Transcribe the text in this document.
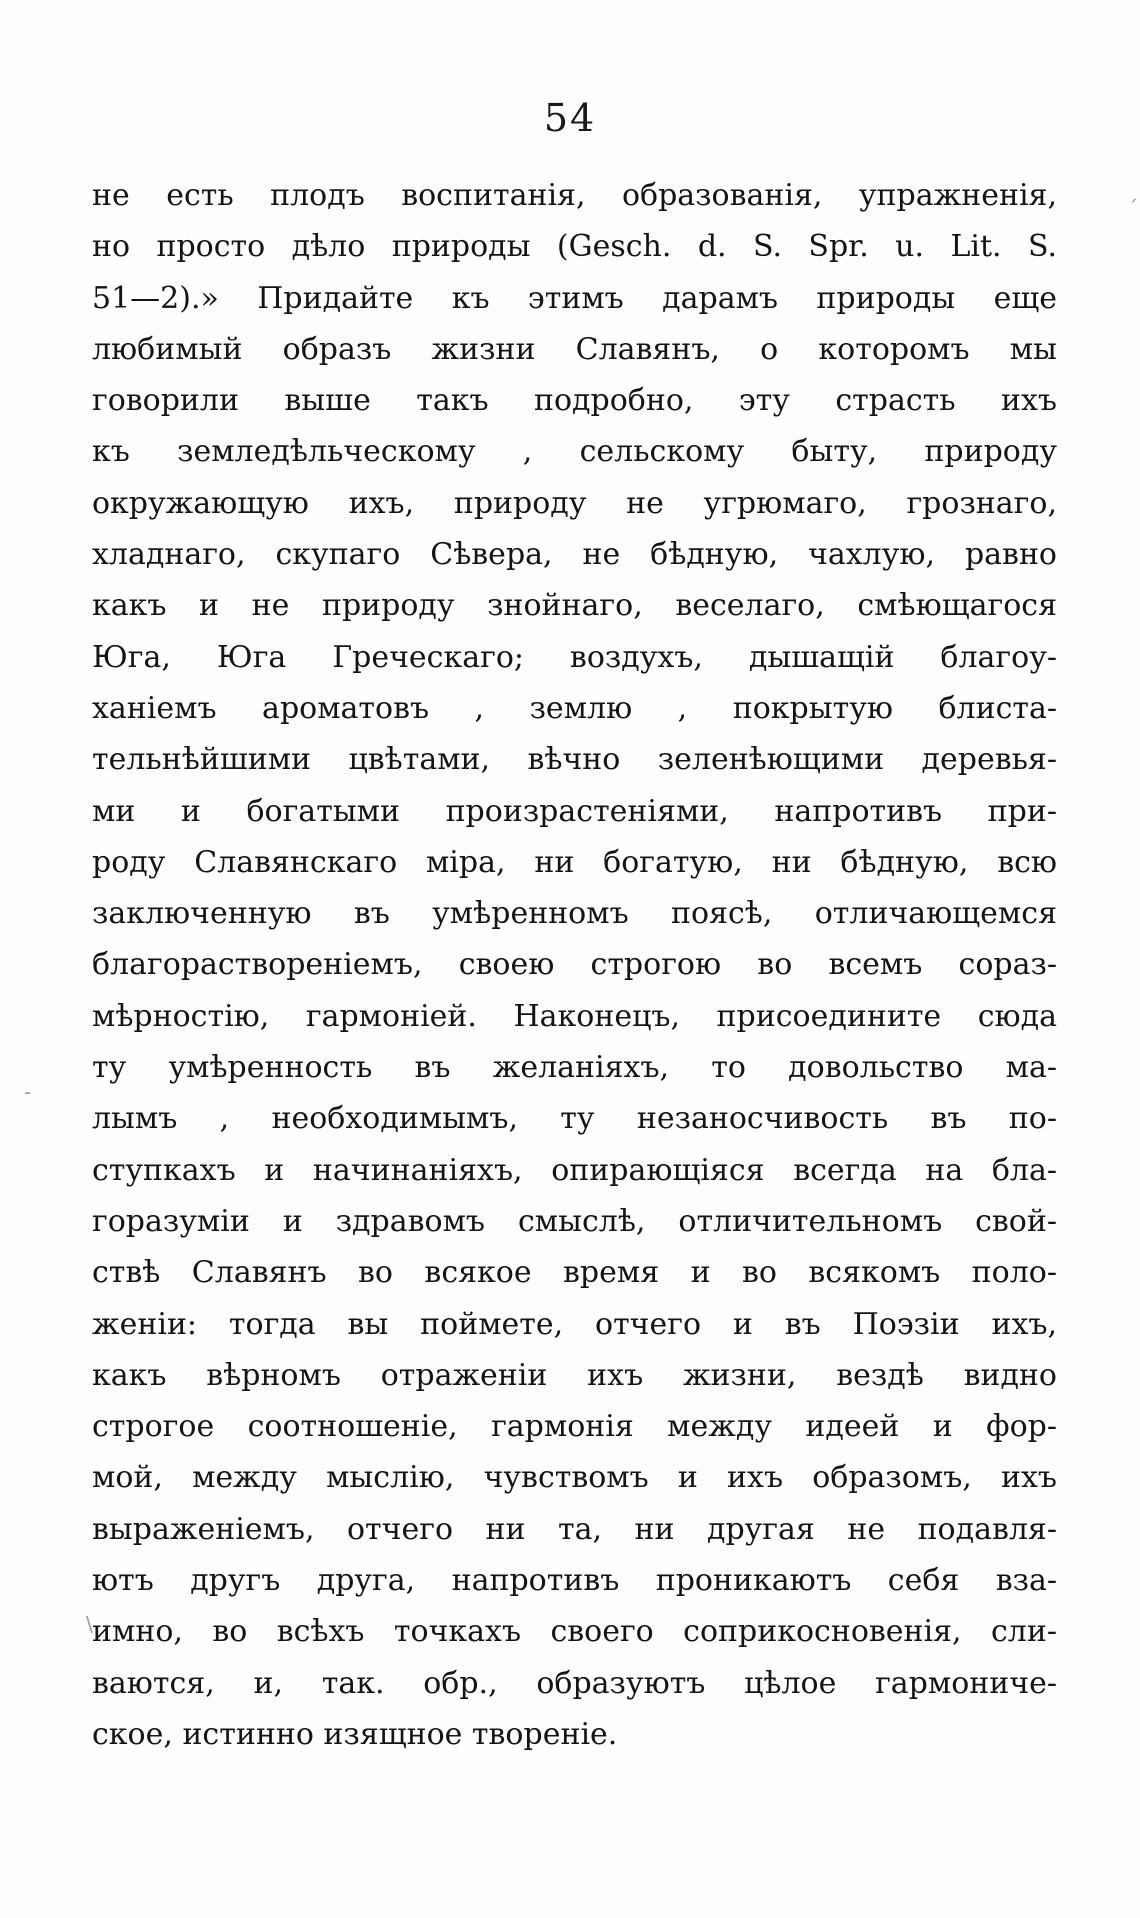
54
´
-
\
не есть плодъ воспитанія, образованія, упражненія,
но просто дѣло природы (Gesch. d. S. Spr. u. Lit. S.
51—2).» Придайте къ этимъ дарамъ природы еще
любимый образъ жизни Славянъ, о которомъ мы
говорили выше такъ подробно, эту страсть ихъ
къ земледѣльческому , сельскому быту, природу
окружающую ихъ, природу не угрюмаго, грознаго,
хладнаго, скупаго Сѣвера, не бѣдную, чахлую, равно
какъ и не природу знойнаго, веселаго, смѣющагося
Юга, Юга Греческаго; воздухъ, дышащій благоу-
ханіемъ ароматовъ , землю , покрытую блиста-
тельнѣйшими цвѣтами, вѣчно зеленѣющими деревья-
ми и богатыми произрастеніями, напротивъ при-
роду Славянскаго міра, ни богатую, ни бѣдную, всю
заключенную въ умѣренномъ поясѣ, отличающемся
благораствореніемъ, своею строгою во всемъ сораз-
мѣрностію, гармоніей. Наконецъ, присоедините сюда
ту умѣренность въ желаніяхъ, то довольство ма-
лымъ , необходимымъ, ту незаносчивость въ по-
ступкахъ и начинаніяхъ, опирающіяся всегда на бла-
горазуміи и здравомъ смыслѣ, отличительномъ свой-
ствѣ Славянъ во всякое время и во всякомъ поло-
женіи: тогда вы поймете, отчего и въ Поэзіи ихъ,
какъ вѣрномъ отраженіи ихъ жизни, вездѣ видно
строгое соотношеніе, гармонія между идеей и фор-
мой, между мыслію, чувствомъ и ихъ образомъ, ихъ
выраженіемъ, отчего ни та, ни другая не подавля-
ютъ другъ друга, напротивъ проникаютъ себя вза-
имно, во всѣхъ точкахъ своего соприкосновенія, сли-
ваются, и, так. обр., образуютъ цѣлое гармониче-
ское, истинно изящное твореніе.
